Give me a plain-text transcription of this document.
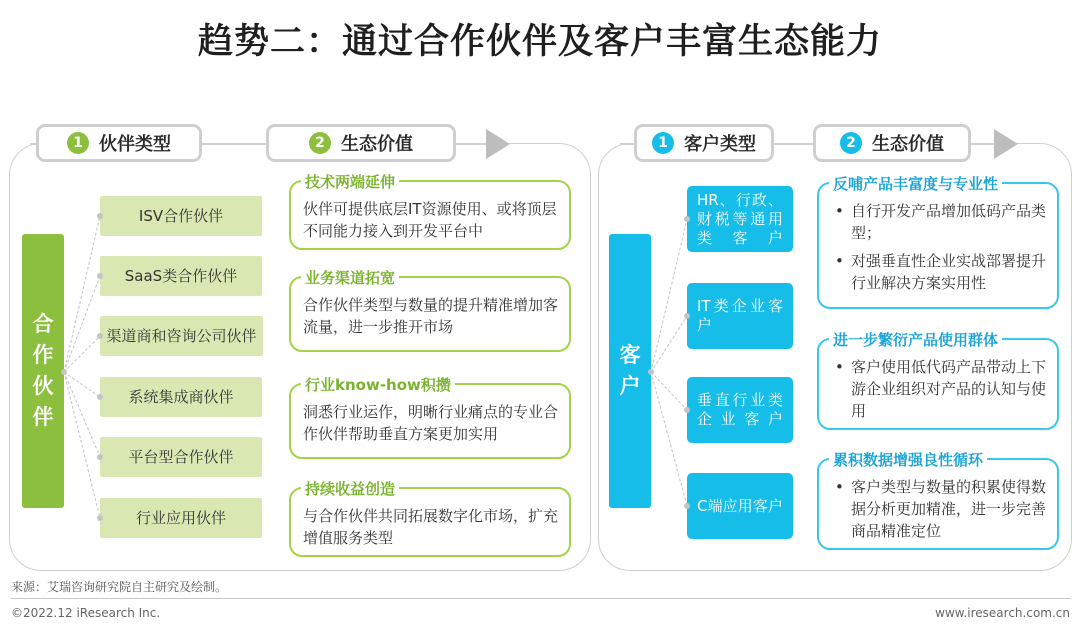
趋势二：通过合作伙伴及客户丰富生态能力
1 伙伴类型	2 生态价值
合作伙伴
ISV合作伙伴
SaaS类合作伙伴
渠道商和咨询公司伙伴
系统集成商伙伴
平台型合作伙伴
行业应用伙伴
技术两端延伸
伙伴可提供底层IT资源使用、或将顶层不同能力接入到开发平台中
业务渠道拓宽
合作伙伴类型与数量的提升精准增加客流量，进一步推开市场
行业know-how积攒
洞悉行业运作，明晰行业痛点的专业合作伙伴帮助垂直方案更加实用
持续收益创造
与合作伙伴共同拓展数字化市场，扩充增值服务类型
1 客户类型	2 生态价值
客户
HR、行政、财税等通用类客户
IT类企业客户
垂直行业类企业客户
C端应用客户
反哺产品丰富度与专业性
• 自行开发产品增加低码产品类型；
• 对强垂直性企业实战部署提升行业解决方案实用性
进一步繁衍产品使用群体
• 客户使用低代码产品带动上下游企业组织对产品的认知与使用
累积数据增强良性循环
• 客户类型与数量的积累使得数据分析更加精准，进一步完善商品精准定位
来源：艾瑞咨询研究院自主研究及绘制。
©2022.12 iResearch Inc.	www.iresearch.com.cn
